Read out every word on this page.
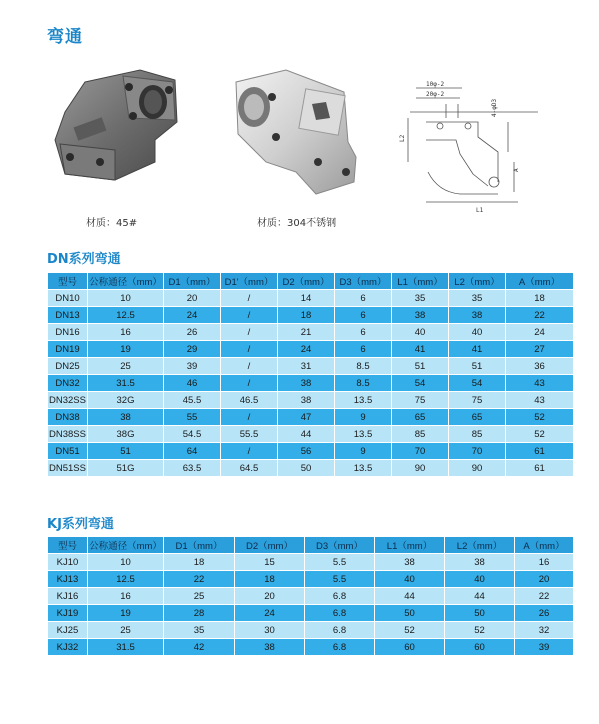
弯通
材质：45#	材质：304不锈钢
10φ-2
20φ-2
4-φD3
L2
A
L1
DN系列弯通
型号	公称通径（mm）	D1（mm）	D1'（mm）	D2（mm）	D3（mm）	L1（mm）	L2（mm）	A（mm）
DN10	10	20	/	14	6	35	35	18
DN13	12.5	24	/	18	6	38	38	22
DN16	16	26	/	21	6	40	40	24
DN19	19	29	/	24	6	41	41	27
DN25	25	39	/	31	8.5	51	51	36
DN32	31.5	46	/	38	8.5	54	54	43
DN32SS	32G	45.5	46.5	38	13.5	75	75	43
DN38	38	55	/	47	9	65	65	52
DN38SS	38G	54.5	55.5	44	13.5	85	85	52
DN51	51	64	/	56	9	70	70	61
DN51SS	51G	63.5	64.5	50	13.5	90	90	61
KJ系列弯通
型号	公称通径（mm）	D1（mm）	D2（mm）	D3（mm）	L1（mm）	L2（mm）	A（mm）
KJ10	10	18	15	5.5	38	38	16
KJ13	12.5	22	18	5.5	40	40	20
KJ16	16	25	20	6.8	44	44	22
KJ19	19	28	24	6.8	50	50	26
KJ25	25	35	30	6.8	52	52	32
KJ32	31.5	42	38	6.8	60	60	39
